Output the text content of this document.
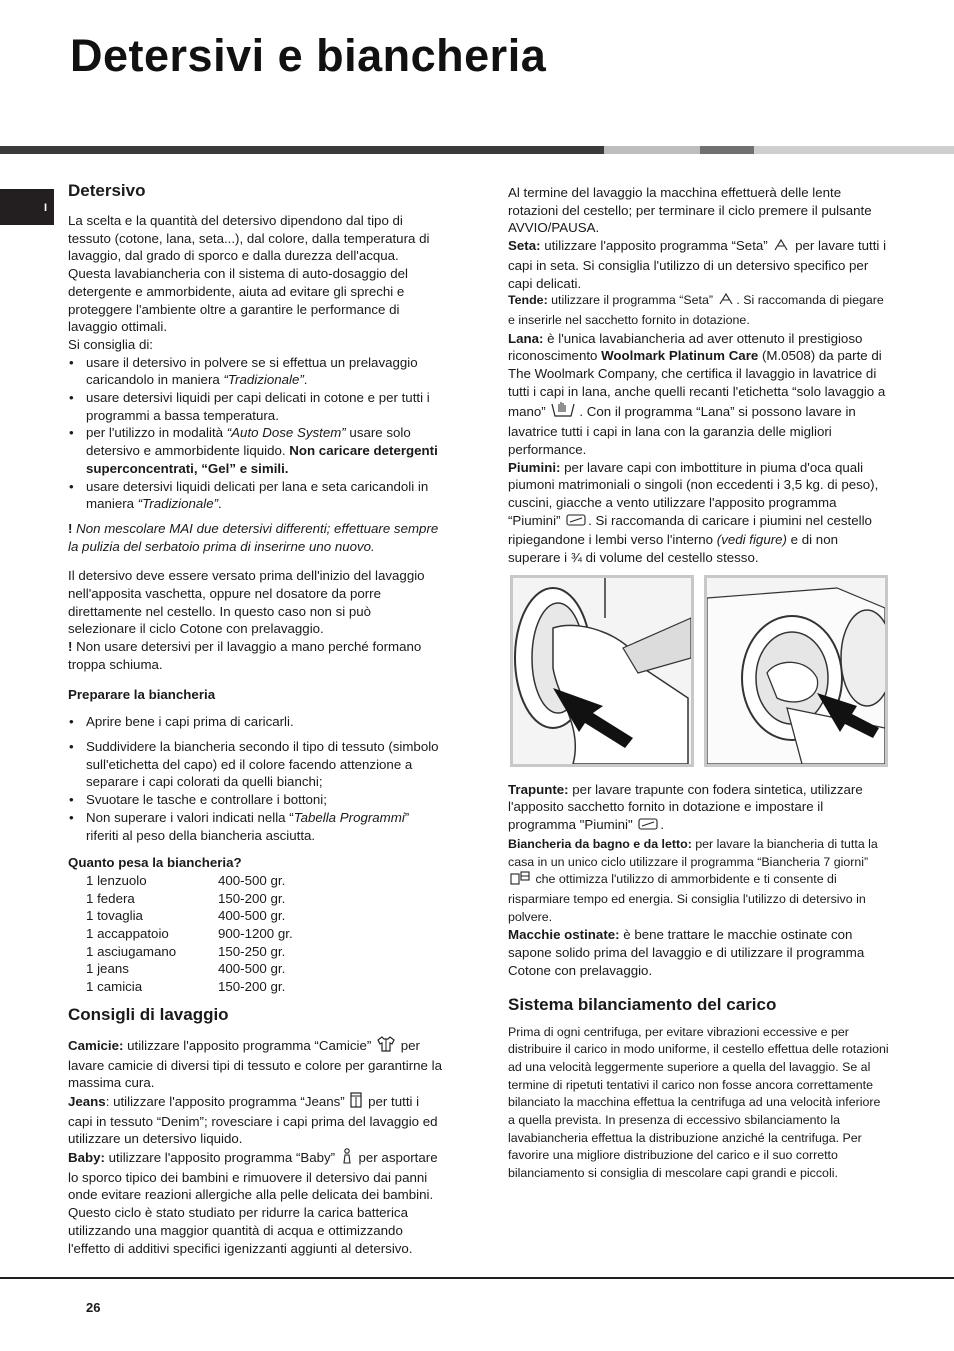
Detersivi e biancheria
I
Detersivo

La scelta e la quantità del detersivo dipendono dal tipo di tessuto (cotone, lana, seta...), dal colore, dalla temperatura di lavaggio, dal grado di sporco e dalla durezza dell'acqua.

Questa lavabiancheria con il sistema di auto-dosaggio del detergente e ammorbidente, aiuta ad evitare gli sprechi e proteggere l'ambiente oltre a garantire le performance di lavaggio ottimali.

Si consiglia di:

• usare il detersivo in polvere se si effettua un prelavaggio caricandolo in maniera “Tradizionale”.
• usare detersivi liquidi per capi delicati in cotone e per tutti i programmi a bassa temperatura.
• per l'utilizzo in modalità “Auto Dose System” usare solo detersivo e ammorbidente liquido. Non caricare detergenti superconcentrati, “Gel” e simili.
• usare detersivi liquidi delicati per lana e seta caricandoli in maniera “Tradizionale”.

! Non mescolare MAI due detersivi differenti; effettuare sempre la pulizia del serbatoio prima di inserirne uno nuovo.

Il detersivo deve essere versato prima dell'inizio del lavaggio nell'apposita vaschetta, oppure nel dosatore da porre direttamente nel cestello. In questo caso non si può selezionare il ciclo Cotone con prelavaggio.

! Non usare detersivi per il lavaggio a mano perché formano troppa schiuma.

Preparare la biancheria
• Aprire bene i capi prima di caricarli.
• Suddividere la biancheria secondo il tipo di tessuto (simbolo sull'etichetta del capo) ed il colore facendo attenzione a separare i capi colorati da quelli bianchi;
• Svuotare le tasche e controllare i bottoni;
• Non superare i valori indicati nella “Tabella Programmi” riferiti al peso della biancheria asciutta.
Quanto pesa la biancheria?
1 lenzuolo	400-500 gr.
1 federa	150-200 gr.
1 tovaglia	400-500 gr.
1 accappatoio	900-1200 gr.
1 asciugamano	150-250 gr.
1 jeans	400-500 gr.
1 camicia	150-200 gr.
Consigli di lavaggio

Camicie: utilizzare l'apposito programma “Camicie”  per lavare camicie di diversi tipi di tessuto e colore per garantirne la massima cura.

Jeans: utilizzare l'apposito programma “Jeans”  per tutti i capi in tessuto “Denim”; rovesciare i capi prima del lavaggio ed utilizzare un detersivo liquido.

Baby: utilizzare l'apposito programma “Baby”  per asportare lo sporco tipico dei bambini e rimuovere il detersivo dai panni onde evitare reazioni allergiche alla pelle delicata dei bambini. Questo ciclo è stato studiato per ridurre la carica batterica utilizzando una maggior quantità di acqua e ottimizzando l'effetto di additivi specifici igenizzanti aggiunti al detersivo.

Al termine del lavaggio la macchina effettuerà delle lente rotazioni del cestello; per terminare il ciclo premere il pulsante AVVIO/PAUSA.

Seta: utilizzare l'apposito programma “Seta”  per lavare tutti i capi in seta. Si consiglia l'utilizzo di un detersivo specifico per capi delicati.

Tende: utilizzare il programma “Seta” . Si raccomanda di piegare e inserirle nel sacchetto fornito in dotazione.

Lana: è l'unica lavabiancheria ad aver ottenuto il prestigioso riconoscimento Woolmark Platinum Care (M.0508) da parte di The Woolmark Company, che certifica il lavaggio in lavatrice di tutti i capi in lana, anche quelli recanti l'etichetta “solo lavaggio a mano” . Con il programma “Lana” si possono lavare in lavatrice tutti i capi in lana con la garanzia delle migliori performance.

Piumini: per lavare capi con imbottiture in piuma d'oca quali piumoni matrimoniali o singoli (non eccedenti i 3,5 kg. di peso), cuscini, giacche a vento utilizzare l'apposito programma “Piumini” . Si raccomanda di caricare i piumini nel cestello ripiegandone i lembi verso l'interno (vedi figure) e di non superare i ¾ di volume del cestello stesso.

Trapunte: per lavare trapunte con fodera sintetica, utilizzare l'apposito sacchetto fornito in dotazione e impostare il programma "Piumini" .

Biancheria da bagno e da letto: per lavare la biancheria di tutta la casa in un unico ciclo utilizzare il programma “Biancheria 7 giorni”  che ottimizza l'utilizzo di ammorbidente e ti consente di risparmiare tempo ed energia. Si consiglia l'utilizzo di detersivo in polvere.

Macchie ostinate: è bene trattare le macchie ostinate con sapone solido prima del lavaggio e di utilizzare il programma Cotone con prelavaggio.

Sistema bilanciamento del carico

Prima di ogni centrifuga, per evitare vibrazioni eccessive e per distribuire il carico in modo uniforme, il cestello effettua delle rotazioni ad una velocità leggermente superiore a quella del lavaggio. Se al termine di ripetuti tentativi il carico non fosse ancora correttamente bilanciato la macchina effettua la centrifuga ad una velocità inferiore a quella prevista. In presenza di eccessivo sbilanciamento la lavabiancheria effettua la distribuzione anziché la centrifuga. Per favorire una migliore distribuzione del carico e il suo corretto bilanciamento si consiglia di mescolare capi grandi e piccoli.

26
